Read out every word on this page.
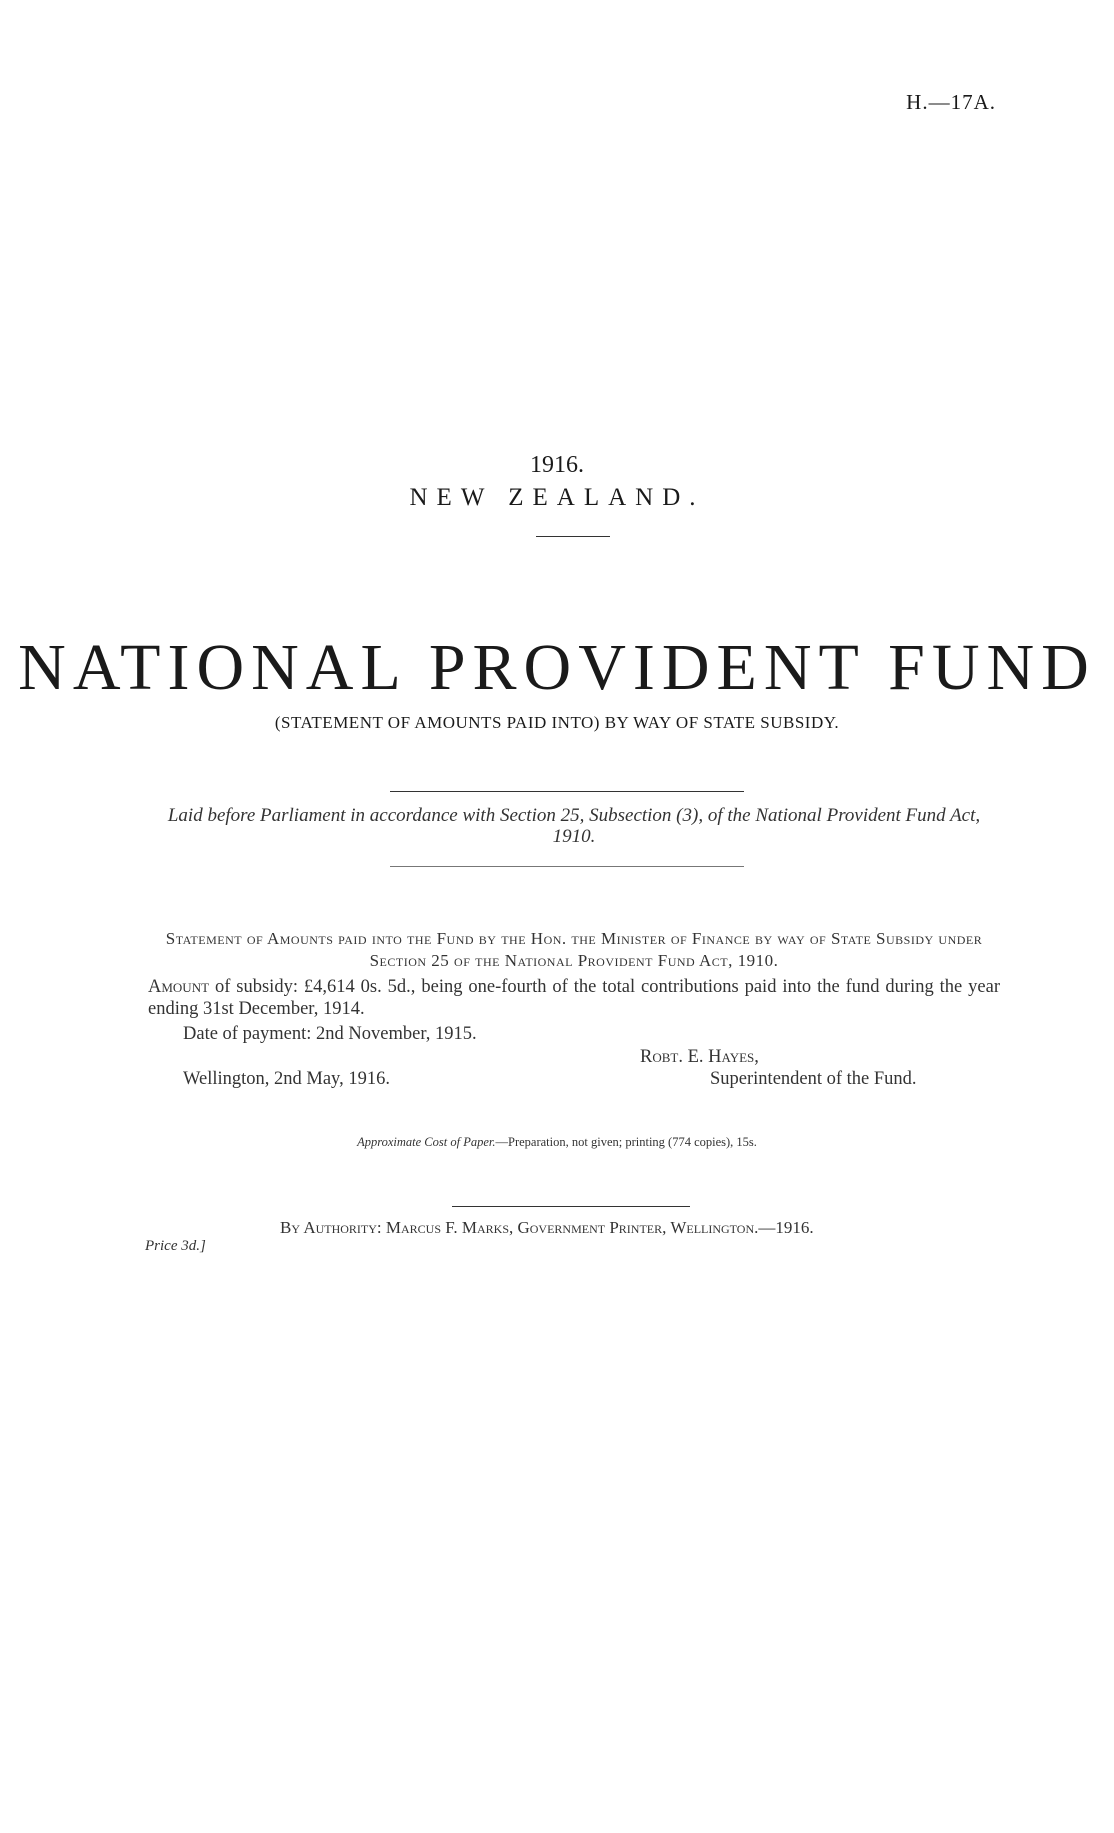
H.—17A.
1916.
NEW ZEALAND.
NATIONAL PROVIDENT FUND
(STATEMENT OF AMOUNTS PAID INTO) BY WAY OF STATE SUBSIDY.
Laid before Parliament in accordance with Section 25, Subsection (3), of the National Provident Fund Act, 1910.
Statement of Amounts paid into the Fund by the Hon. the Minister of Finance by way of State Subsidy under Section 25 of the National Provident Fund Act, 1910.
Amount of subsidy: £4,614 0s. 5d., being one-fourth of the total contributions paid into the fund during the year ending 31st December, 1914.
Date of payment: 2nd November, 1915.
Robt. E. Hayes,
Superintendent of the Fund.
Wellington, 2nd May, 1916.
Approximate Cost of Paper.—Preparation, not given; printing (774 copies), 15s.
By Authority: Marcus F. Marks, Government Printer, Wellington.—1916.
Price 3d.]
